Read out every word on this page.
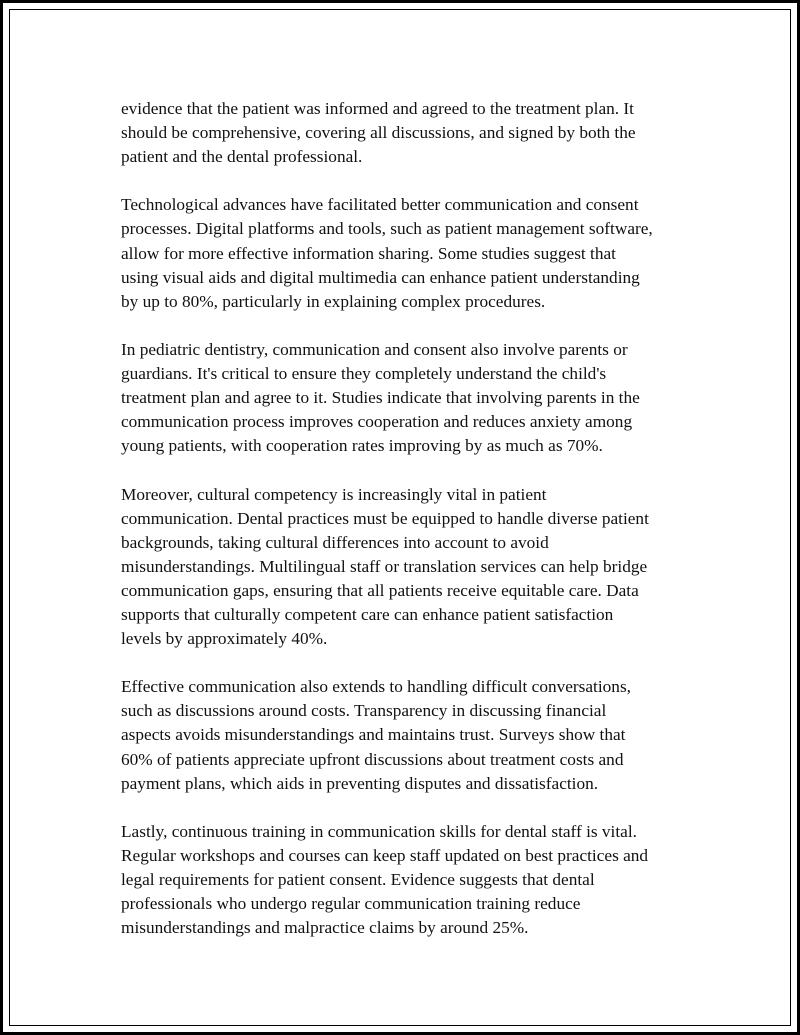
evidence that the patient was informed and agreed to the treatment plan. It
should be comprehensive, covering all discussions, and signed by both the
patient and the dental professional.

Technological advances have facilitated better communication and consent
processes. Digital platforms and tools, such as patient management software,
allow for more effective information sharing. Some studies suggest that
using visual aids and digital multimedia can enhance patient understanding
by up to 80%, particularly in explaining complex procedures.

In pediatric dentistry, communication and consent also involve parents or
guardians. It's critical to ensure they completely understand the child's
treatment plan and agree to it. Studies indicate that involving parents in the
communication process improves cooperation and reduces anxiety among
young patients, with cooperation rates improving by as much as 70%.

Moreover, cultural competency is increasingly vital in patient
communication. Dental practices must be equipped to handle diverse patient
backgrounds, taking cultural differences into account to avoid
misunderstandings. Multilingual staff or translation services can help bridge
communication gaps, ensuring that all patients receive equitable care. Data
supports that culturally competent care can enhance patient satisfaction
levels by approximately 40%.

Effective communication also extends to handling difficult conversations,
such as discussions around costs. Transparency in discussing financial
aspects avoids misunderstandings and maintains trust. Surveys show that
60% of patients appreciate upfront discussions about treatment costs and
payment plans, which aids in preventing disputes and dissatisfaction.

Lastly, continuous training in communication skills for dental staff is vital.
Regular workshops and courses can keep staff updated on best practices and
legal requirements for patient consent. Evidence suggests that dental
professionals who undergo regular communication training reduce
misunderstandings and malpractice claims by around 25%.
